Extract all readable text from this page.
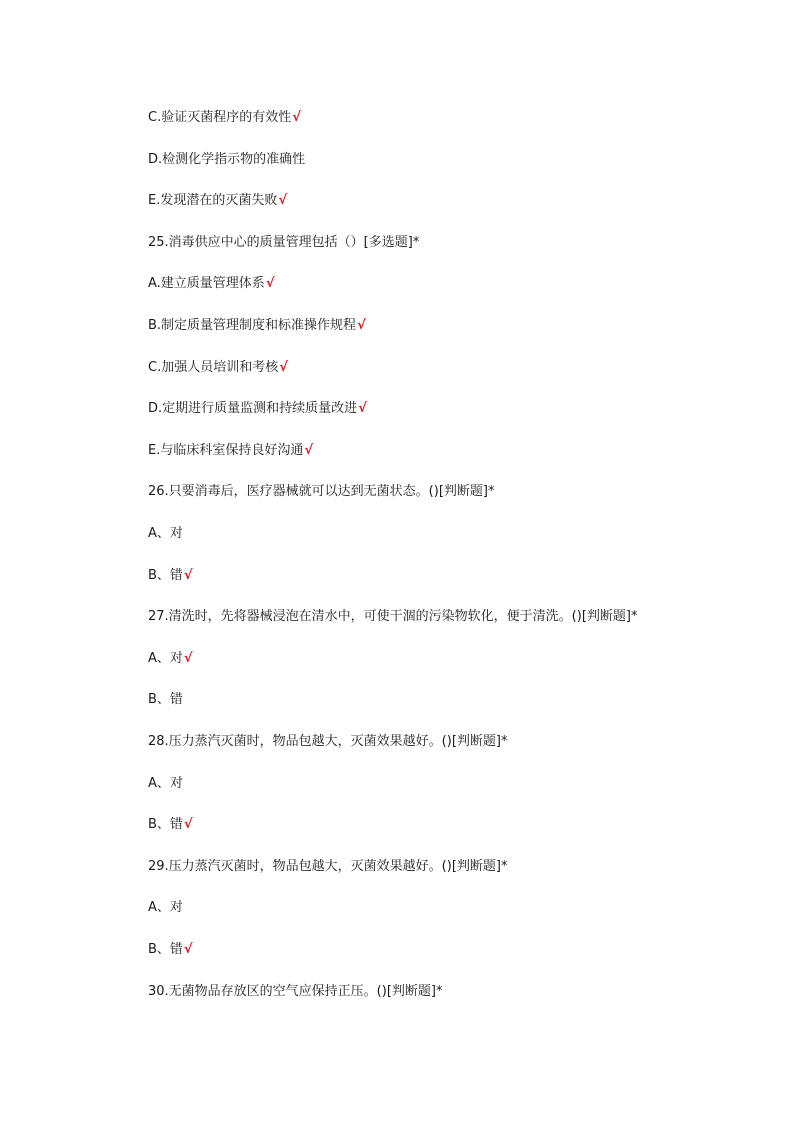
C.验证灭菌程序的有效性√
D.检测化学指示物的准确性
E.发现潜在的灭菌失败√
25.消毒供应中心的质量管理包括（）[多选题]*
A.建立质量管理体系√
B.制定质量管理制度和标准操作规程√
C.加强人员培训和考核√
D.定期进行质量监测和持续质量改进√
E.与临床科室保持良好沟通√
26.只要消毒后，医疗器械就可以达到无菌状态。()[判断题]*
A、对
B、错√
27.清洗时，先将器械浸泡在清水中，可使干涸的污染物软化，便于清洗。()[判断题]*
A、对√
B、错
28.压力蒸汽灭菌时，物品包越大，灭菌效果越好。()[判断题]*
A、对
B、错√
29.压力蒸汽灭菌时，物品包越大，灭菌效果越好。()[判断题]*
A、对
B、错√
30.无菌物品存放区的空气应保持正压。()[判断题]*
